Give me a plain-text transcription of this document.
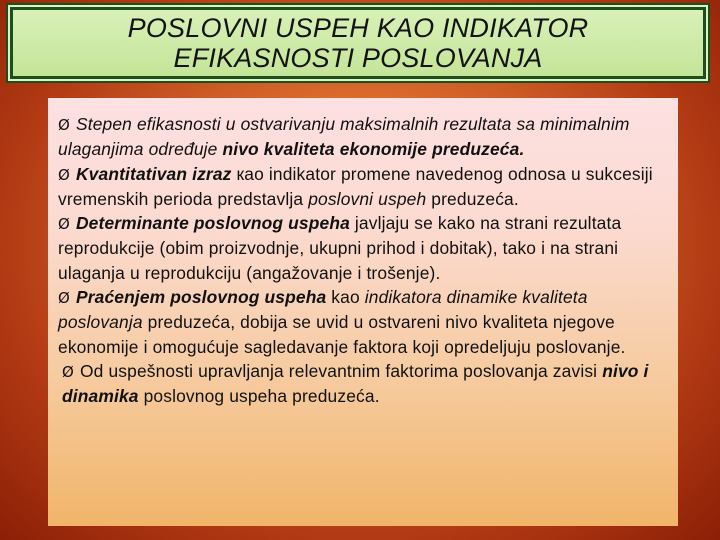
POSLOVNI USPEH KAO INDIKATOR
EFIKASNOSTI POSLOVANJA

Ø Stepen efikasnosti u ostvarivanju maksimalnih rezultata sa minimalnim ulaganjima određuje nivo kvaliteta ekonomije preduzeća.

Ø Kvantitativan izraz кao indikator promene navedenog odnosa u sukcesiji vremenskih perioda predstavlja poslovni uspeh preduzeća.

Ø Determinante poslovnog uspeha javljaju se kako na strani rezultata reprodukcije (obim proizvodnje, ukupni prihod i dobitak), tako i na strani ulaganja u reprodukciju (angažovanje i trošenje).

Ø Praćenjem poslovnog uspeha kao indikatora dinamike kvaliteta poslovanja preduzeća, dobija se uvid u ostvareni nivo kvaliteta njegove ekonomije i omogućuje sagledavanje faktora koji opredeljuju poslovanje.

Ø Od uspešnosti upravljanja relevantnim faktorima poslovanja zavisi nivo i dinamika poslovnog uspeha preduzeća.
